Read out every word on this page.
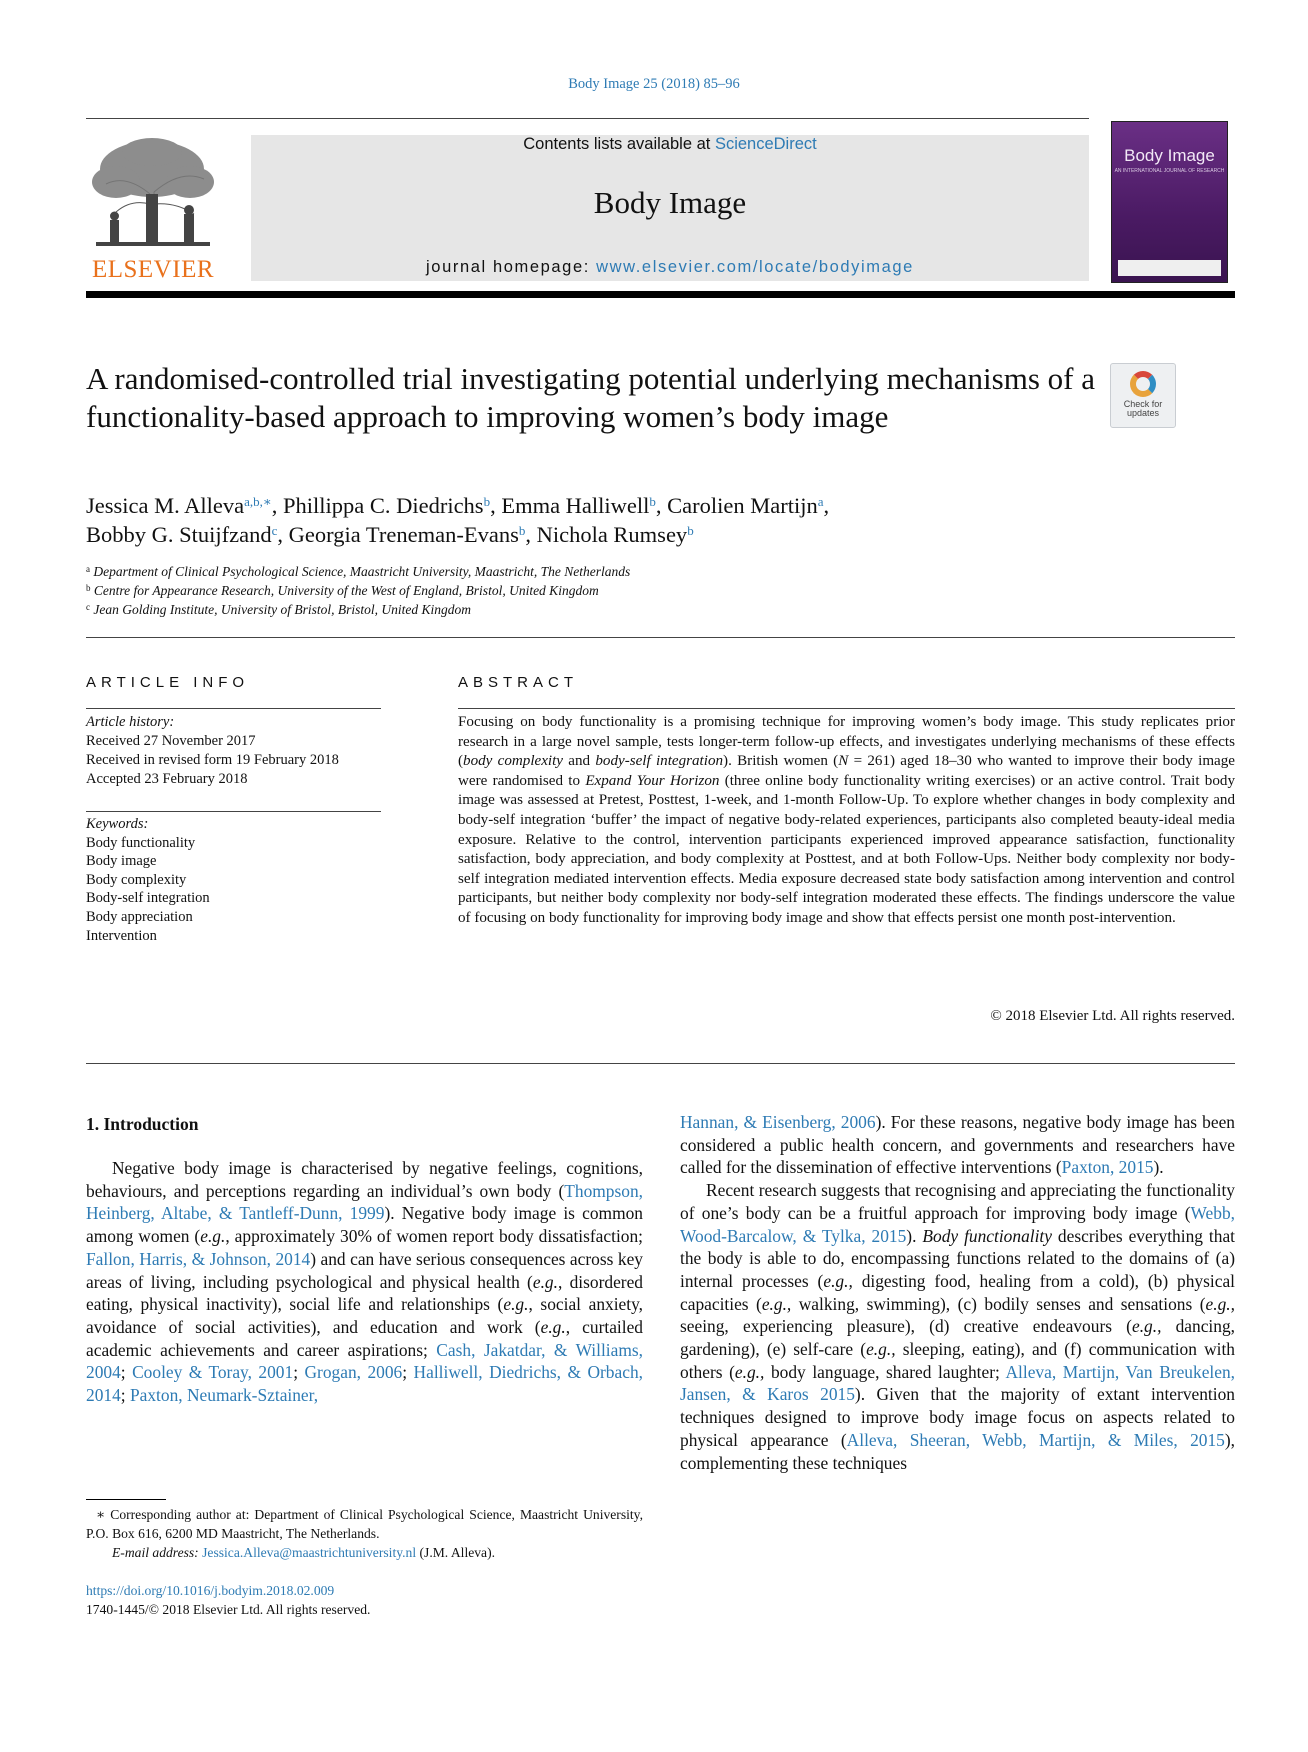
Body Image 25 (2018) 85–96
ELSEVIER
Contents lists available at ScienceDirect
Body Image
journal homepage: www.elsevier.com/locate/bodyimage
Body Image
AN INTERNATIONAL JOURNAL OF RESEARCH
A randomised-controlled trial investigating potential underlying mechanisms of a functionality-based approach to improving women’s body image	Check for
updates
Jessica M. Alleva$^{a,b,∗}$, Phillippa C. Diedrichs$^b$, Emma Halliwell$^b$, Carolien Martijn$^a$,
Bobby G. Stuijfzand$^c$, Georgia Treneman-Evans$^b$, Nichola Rumsey$^b$
$^a$ Department of Clinical Psychological Science, Maastricht University, Maastricht, The Netherlands
$^b$ Centre for Appearance Research, University of the West of England, Bristol, United Kingdom
$^c$ Jean Golding Institute, University of Bristol, Bristol, United Kingdom
ARTICLE INFO	ABSTRACT
Article history:
Received 27 November 2017
Received in revised form 19 February 2018
Accepted 23 February 2018
Keywords:
Body functionality
Body image
Body complexity
Body-self integration
Body appreciation
Intervention
Focusing on body functionality is a promising technique for improving women’s body image. This study replicates prior research in a large novel sample, tests longer-term follow-up effects, and investigates underlying mechanisms of these effects (body complexity and body-self integration). British women (N = 261) aged 18–30 who wanted to improve their body image were randomised to Expand Your Horizon (three online body functionality writing exercises) or an active control. Trait body image was assessed at Pretest, Posttest, 1-week, and 1-month Follow-Up. To explore whether changes in body complexity and body-self integration ‘buffer’ the impact of negative body-related experiences, participants also completed beauty-ideal media exposure. Relative to the control, intervention participants experienced improved appearance satisfaction, functionality satisfaction, body appreciation, and body complexity at Posttest, and at both Follow-Ups. Neither body complexity nor body-self integration mediated intervention effects. Media exposure decreased state body satisfaction among intervention and control participants, but neither body complexity nor body-self integration moderated these effects. The findings underscore the value of focusing on body functionality for improving body image and show that effects persist one month post-intervention.
© 2018 Elsevier Ltd. All rights reserved.
1. Introduction

Negative body image is characterised by negative feelings, cognitions, behaviours, and perceptions regarding an individual’s own body (Thompson, Heinberg, Altabe, & Tantleff-Dunn, 1999). Negative body image is common among women (e.g., approximately 30% of women report body dissatisfaction; Fallon, Harris, & Johnson, 2014) and can have serious consequences across key areas of living, including psychological and physical health (e.g., disordered eating, physical inactivity), social life and relationships (e.g., social anxiety, avoidance of social activities), and education and work (e.g., curtailed academic achievements and career aspirations; Cash, Jakatdar, & Williams, 2004; Cooley & Toray, 2001; Grogan, 2006; Halliwell, Diedrichs, & Orbach, 2014; Paxton, Neumark-Sztainer,

Hannan, & Eisenberg, 2006). For these reasons, negative body image has been considered a public health concern, and governments and researchers have called for the dissemination of effective interventions (Paxton, 2015).

Recent research suggests that recognising and appreciating the functionality of one’s body can be a fruitful approach for improving body image (Webb, Wood-Barcalow, & Tylka, 2015). Body functionality describes everything that the body is able to do, encompassing functions related to the domains of (a) internal processes (e.g., digesting food, healing from a cold), (b) physical capacities (e.g., walking, swimming), (c) bodily senses and sensations (e.g., seeing, experiencing pleasure), (d) creative endeavours (e.g., dancing, gardening), (e) self-care (e.g., sleeping, eating), and (f) communication with others (e.g., body language, shared laughter; Alleva, Martijn, Van Breukelen, Jansen, & Karos 2015). Given that the majority of extant intervention techniques designed to improve body image focus on aspects related to physical appearance (Alleva, Sheeran, Webb, Martijn, & Miles, 2015), complementing these techniques

∗ Corresponding author at: Department of Clinical Psychological Science, Maastricht University, P.O. Box 616, 6200 MD Maastricht, The Netherlands.
E-mail address: Jessica.Alleva@maastrichtuniversity.nl (J.M. Alleva).
https://doi.org/10.1016/j.bodyim.2018.02.009
1740-1445/© 2018 Elsevier Ltd. All rights reserved.
